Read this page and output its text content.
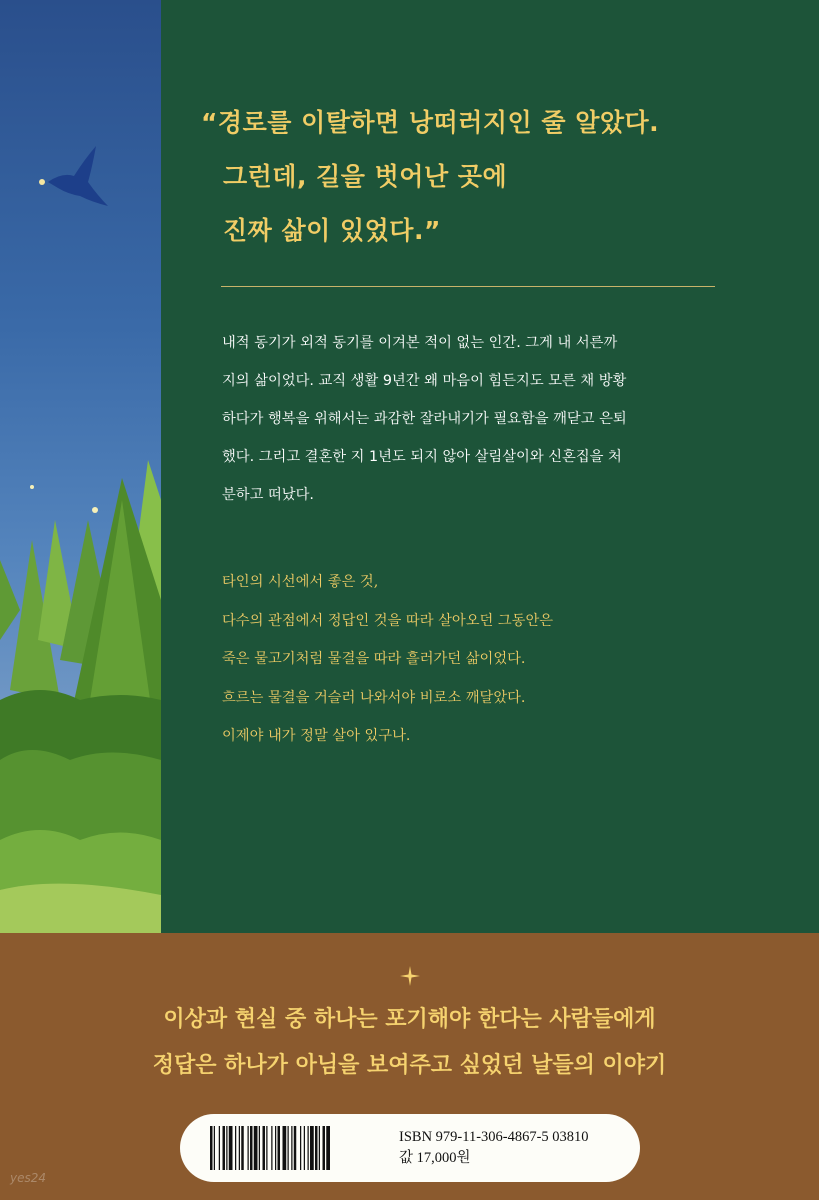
“경로를 이탈하면 낭떠러지인 줄 알았다.
그런데, 길을 벗어난 곳에
진짜 삶이 있었다.”
내적 동기가 외적 동기를 이겨본 적이 없는 인간. 그게 내 서른까
지의 삶이었다. 교직 생활 9년간 왜 마음이 힘든지도 모른 채 방황
하다가 행복을 위해서는 과감한 잘라내기가 필요함을 깨닫고 은퇴
했다. 그리고 결혼한 지 1년도 되지 않아 살림살이와 신혼집을 처
분하고 떠났다.
타인의 시선에서 좋은 것,
다수의 관점에서 정답인 것을 따라 살아오던 그동안은
죽은 물고기처럼 물결을 따라 흘러가던 삶이었다.
흐르는 물결을 거슬러 나와서야 비로소 깨달았다.
이제야 내가 정말 살아 있구나.
이상과 현실 중 하나는 포기해야 한다는 사람들에게
정답은 하나가 아님을 보여주고 싶었던 날들의 이야기
ISBN 979-11-306-4867-5 03810
값 17,000원
yes24
